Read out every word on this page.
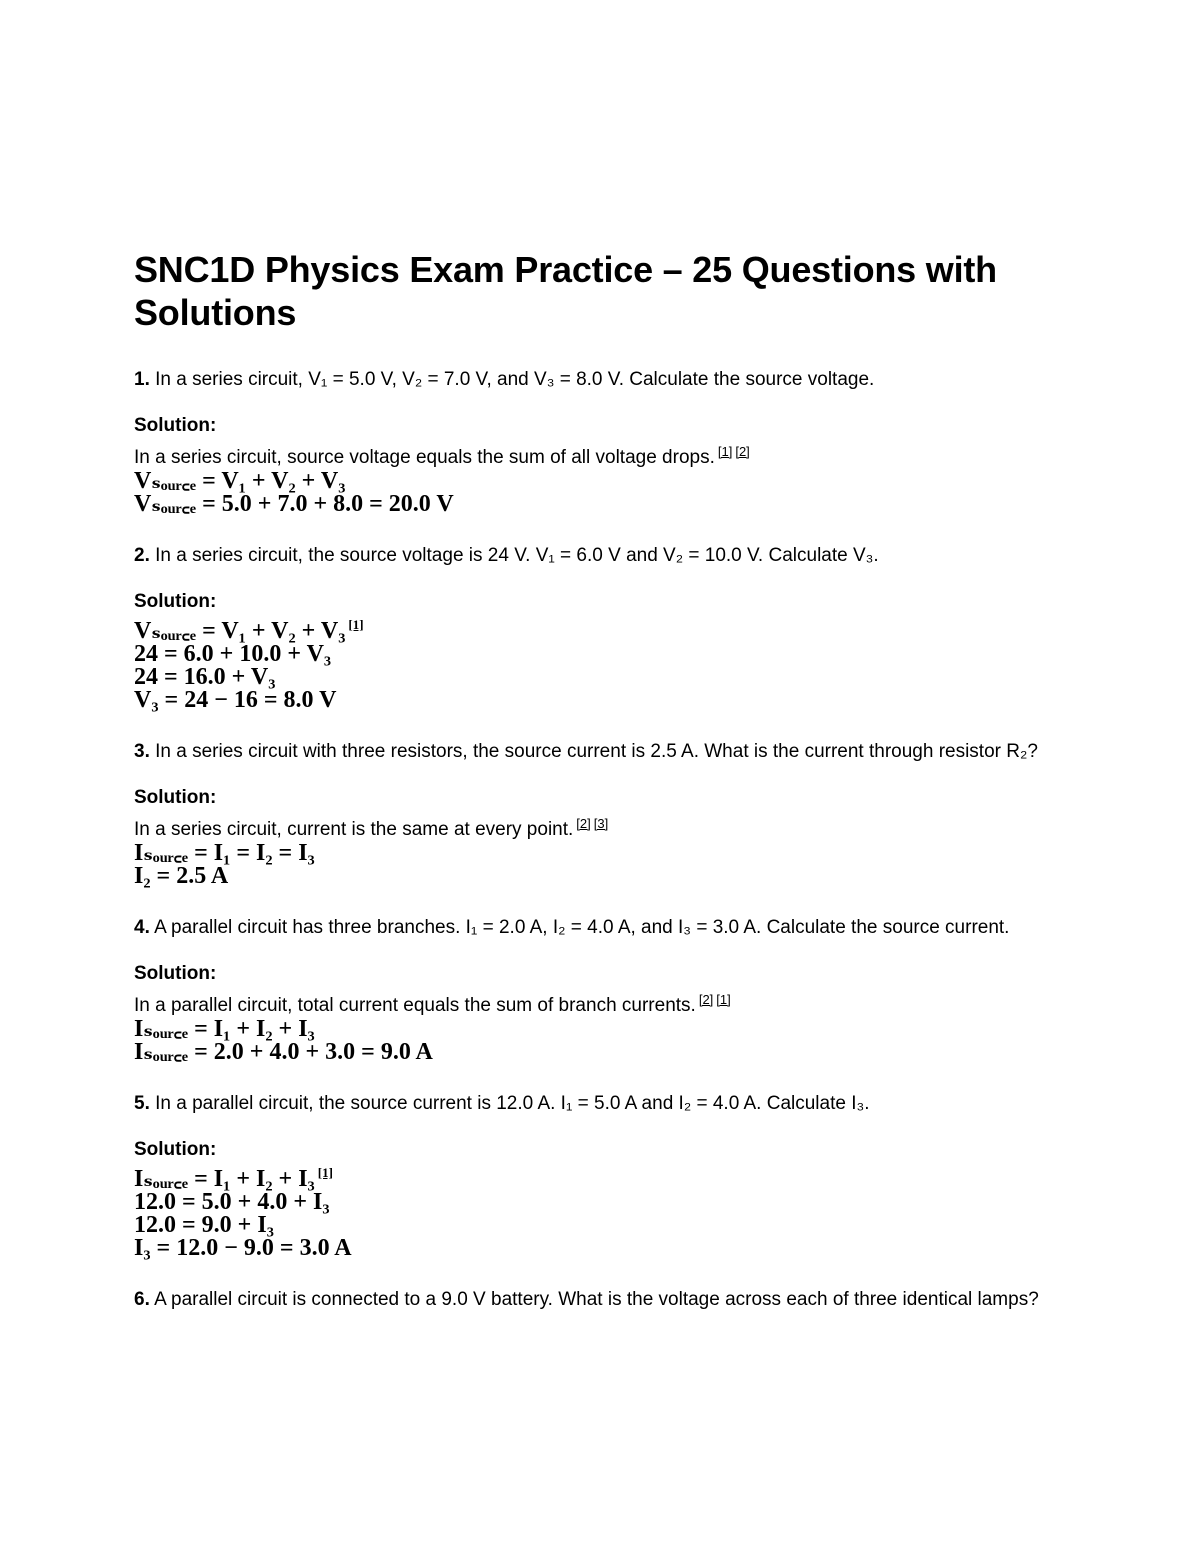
SNC1D Physics Exam Practice – 25 Questions with Solutions

1. In a series circuit, V₁ = 5.0 V, V₂ = 7.0 V, and V₃ = 8.0 V. Calculate the source voltage.

Solution:
In a series circuit, source voltage equals the sum of all voltage drops. [1] [2]
Vₛₒᵤᵣ꜀ₑ = V₁ + V₂ + V₃
Vₛₒᵤᵣ꜀ₑ = 5.0 + 7.0 + 8.0 = 20.0 V

2. In a series circuit, the source voltage is 24 V. V₁ = 6.0 V and V₂ = 10.0 V. Calculate V₃.

Solution:
Vₛₒᵤᵣ꜀ₑ = V₁ + V₂ + V₃ [1]
24 = 6.0 + 10.0 + V₃
24 = 16.0 + V₃
V₃ = 24 − 16 = 8.0 V

3. In a series circuit with three resistors, the source current is 2.5 A. What is the current through resistor R₂?

Solution:
In a series circuit, current is the same at every point. [2] [3]
Iₛₒᵤᵣ꜀ₑ = I₁ = I₂ = I₃
I₂ = 2.5 A

4. A parallel circuit has three branches. I₁ = 2.0 A, I₂ = 4.0 A, and I₃ = 3.0 A. Calculate the source current.

Solution:
In a parallel circuit, total current equals the sum of branch currents. [2] [1]
Iₛₒᵤᵣ꜀ₑ = I₁ + I₂ + I₃
Iₛₒᵤᵣ꜀ₑ = 2.0 + 4.0 + 3.0 = 9.0 A

5. In a parallel circuit, the source current is 12.0 A. I₁ = 5.0 A and I₂ = 4.0 A. Calculate I₃.

Solution:
Iₛₒᵤᵣ꜀ₑ = I₁ + I₂ + I₃ [1]
12.0 = 5.0 + 4.0 + I₃
12.0 = 9.0 + I₃
I₃ = 12.0 − 9.0 = 3.0 A

6. A parallel circuit is connected to a 9.0 V battery. What is the voltage across each of three identical lamps?
